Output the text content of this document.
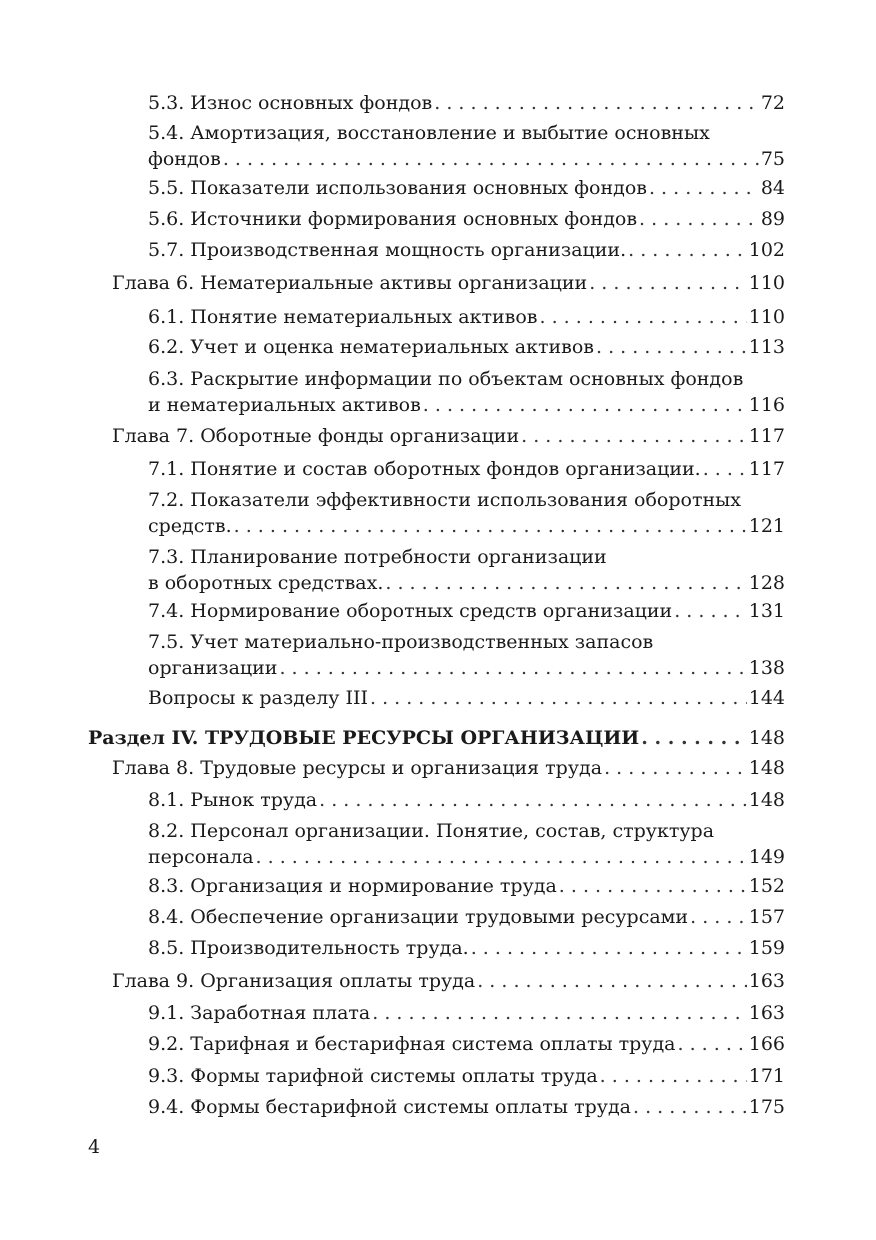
5.3. Износ основных фондов . . .	72
5.4. Амортизация, восстановление и выбытие основных
фондов . . .	75
5.5. Показатели использования основных фондов . . .	84
5.6. Источники формирования основных фондов . . .	89
5.7. Производственная мощность организации. . . .	102
Глава 6. Нематериальные активы организации . . .	110
6.1. Понятие нематериальных активов . . .	110
6.2. Учет и оценка нематериальных активов . . .	113
6.3. Раскрытие информации по объектам основных фондов
и нематериальных активов . . .	116
Глава 7. Оборотные фонды организации . . .	117
7.1. Понятие и состав оборотных фондов организации. . . .	117
7.2. Показатели эффективности использования оборотных
средств. . . .	121
7.3. Планирование потребности организации
в оборотных средствах. . . .	128
7.4. Нормирование оборотных средств организации . . .	131
7.5. Учет материально-производственных запасов
организации . . .	138
Вопросы к разделу III . . .	144
Раздел IV. ТРУДОВЫЕ РЕСУРСЫ ОРГАНИЗАЦИИ . . .	148
Глава 8. Трудовые ресурсы и организация труда . . .	148
8.1. Рынок труда . . .	148
8.2. Персонал организации. Понятие, состав, структура
персонала . . .	149
8.3. Организация и нормирование труда . . .	152
8.4. Обеспечение организации трудовыми ресурсами . . .	157
8.5. Производительность труда. . . .	159
Глава 9. Организация оплаты труда . . .	163
9.1. Заработная плата . . .	163
9.2. Тарифная и бестарифная система оплаты труда . . .	166
9.3. Формы тарифной системы оплаты труда . . .	171
9.4. Формы бестарифной системы оплаты труда . . .	175
4
